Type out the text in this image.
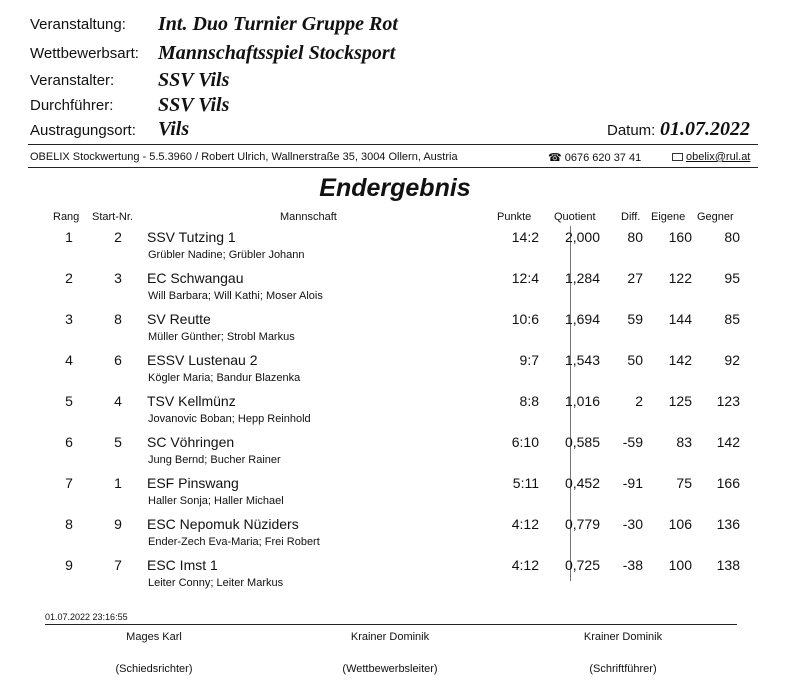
Veranstaltung: Int. Duo Turnier Gruppe Rot
Wettbewerbsart: Mannschaftsspiel Stocksport
Veranstalter: SSV Vils
Durchführer: SSV Vils
Austragungsort: Vils	Datum: 01.07.2022
OBELIX Stockwertung - 5.5.3960 / Robert Ulrich, Wallnerstraße 35, 3004 Ollern, Austria	☎ 0676 620 37 41	obelix@rul.at
Endergebnis
Rang Start-Nr.	Mannschaft	Punkte Quotient Diff. Eigene Gegner
1	2	SSV Tutzing 1	14:2	2,000	80	160	80
Grübler Nadine; Grübler Johann
2	3	EC Schwangau	12:4	1,284	27	122	95
Will Barbara; Will Kathi; Moser Alois
3	8	SV Reutte	10:6	1,694	59	144	85
Müller Günther; Strobl Markus
4	6	ESSV Lustenau 2	9:7	1,543	50	142	92
Kögler Maria; Bandur Blazenka
5	4	TSV Kellmünz	8:8	1,016	2	125	123
Jovanovic Boban; Hepp Reinhold
6	5	SC Vöhringen	6:10	0,585	-59	83	142
Jung Bernd; Bucher Rainer
7	1	ESF Pinswang	5:11	0,452	-91	75	166
Haller Sonja; Haller Michael
8	9	ESC Nepomuk Nüziders	4:12	0,779	-30	106	136
Ender-Zech Eva-Maria; Frei Robert
9	7	ESC Imst 1	4:12	0,725	-38	100	138
Leiter Conny; Leiter Markus
01.07.2022 23:16:55
Mages Karl
(Schiedsrichter)
Krainer Dominik
(Wettbewerbsleiter)
Krainer Dominik
(Schriftführer)
